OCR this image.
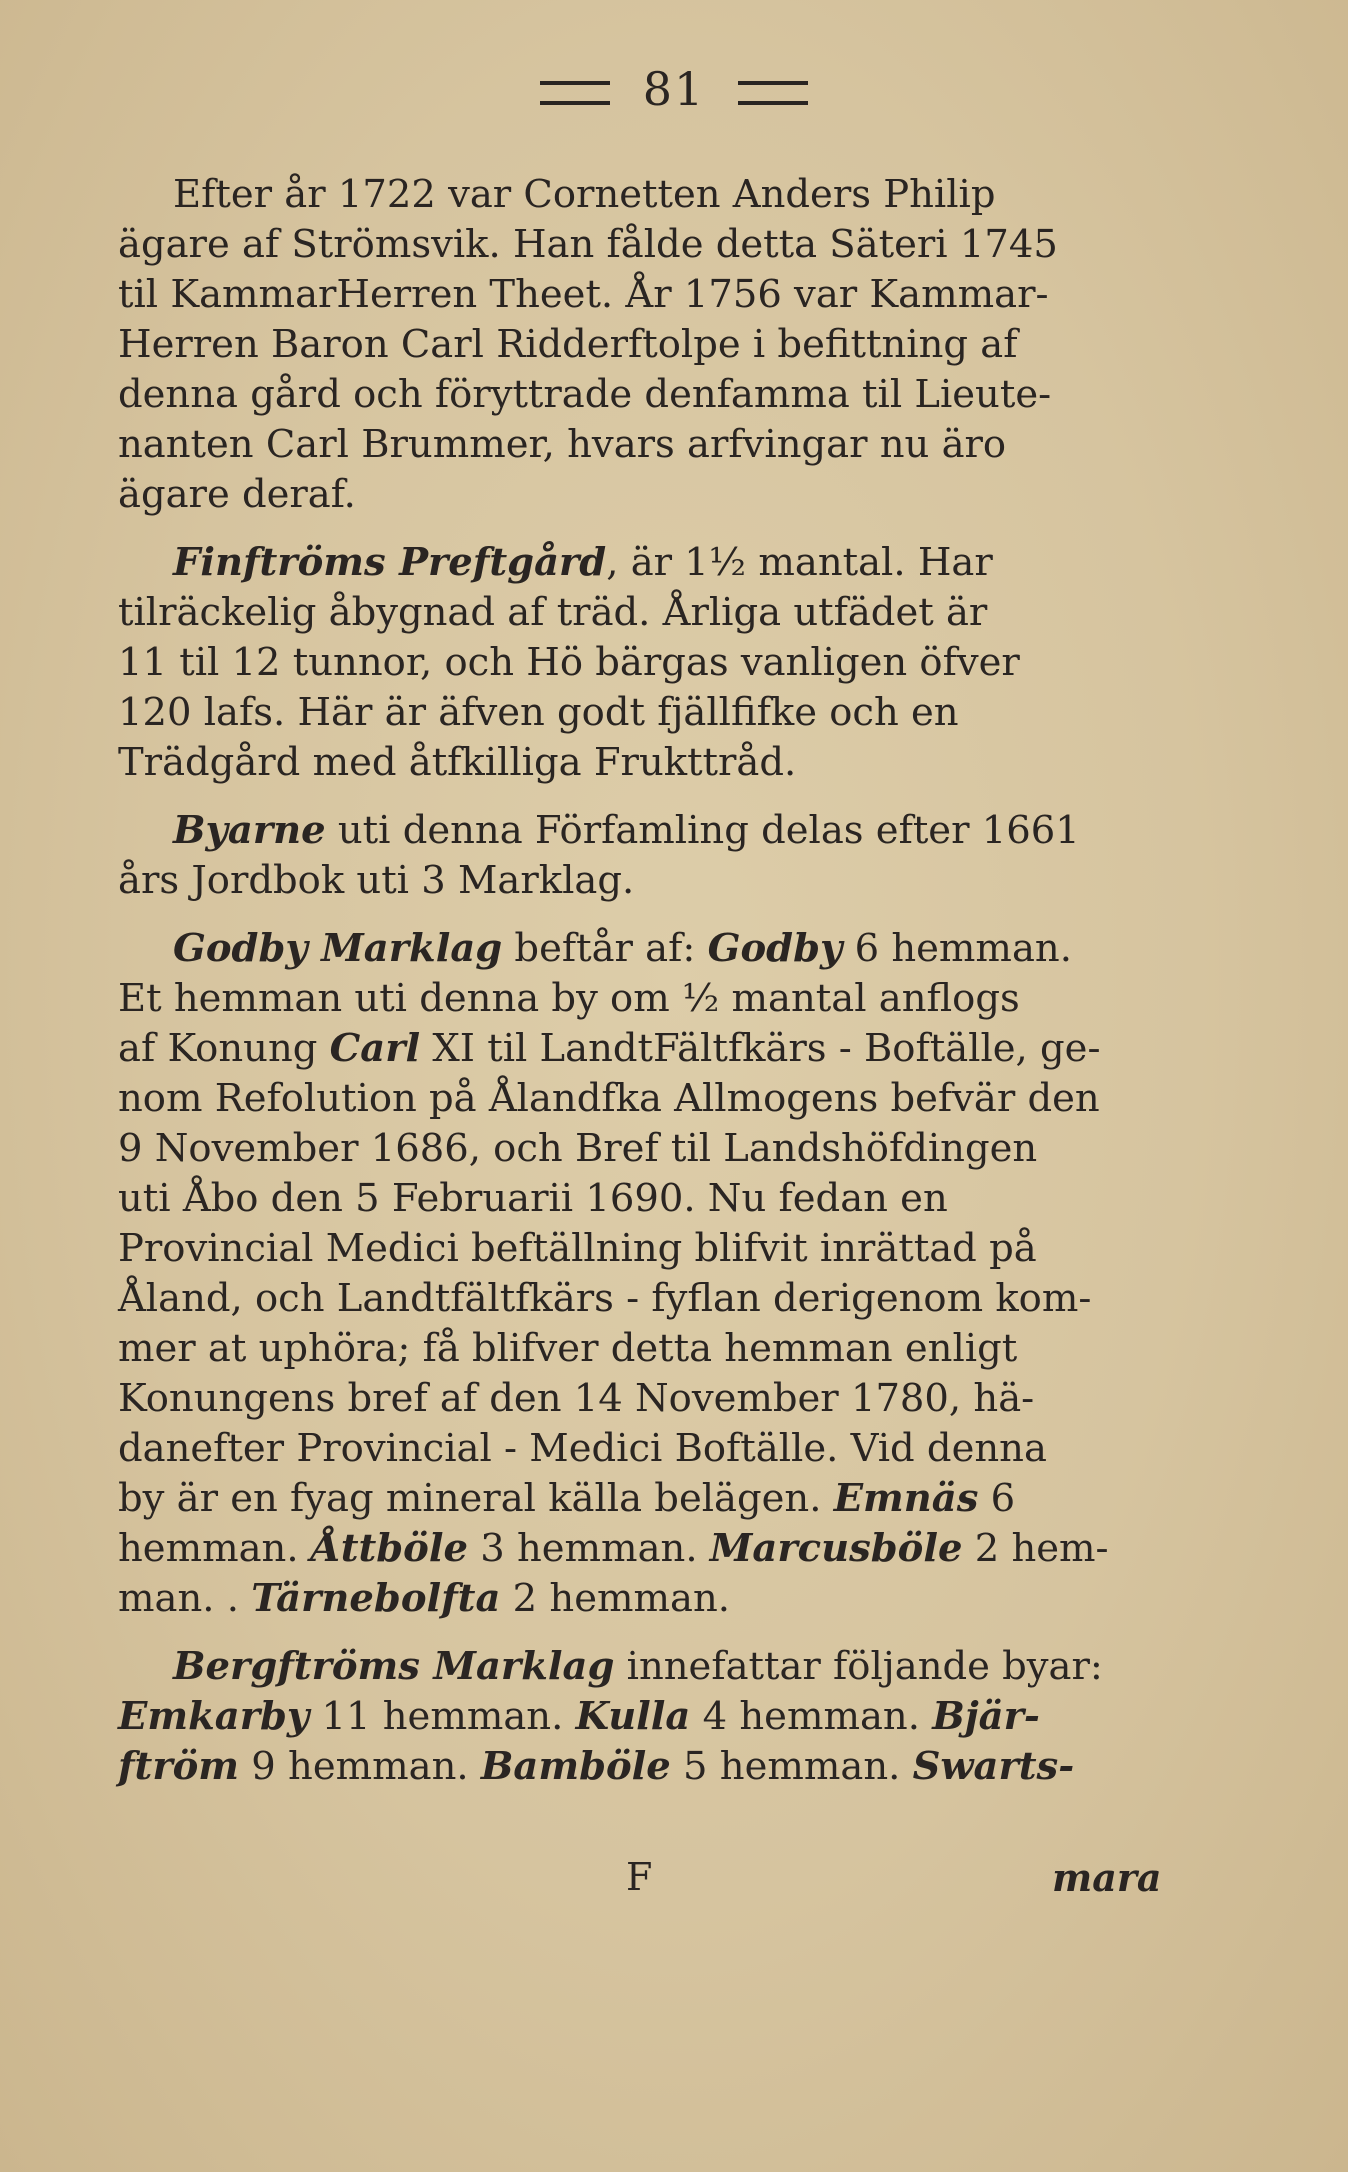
81
Efter år 1722 var Cornetten Anders Philip
ägare af Strömsvik. Han fålde detta Säteri 1745
til KammarHerren Theet. År 1756 var Kammar-
Herren Baron Carl Ridderftolpe i befittning af
denna gård och föryttrade denfamma til Lieute-
nanten Carl Brummer, hvars arfvingar nu äro
ägare deraf.
Finftröms Preftgård, är 1½ mantal. Har
tilräckelig åbygnad af träd. Årliga utfädet är
11 til 12 tunnor, och Hö bärgas vanligen öfver
120 lafs. Här är äfven godt fjällfifke och en
Trädgård med åtfkilliga Frukttråd.
Byarne uti denna Förfamling delas efter 1661
års Jordbok uti 3 Marklag.
Godby Marklag beftår af: Godby 6 hemman.
Et hemman uti denna by om ⅟₂ mantal anflogs
af Konung Carl XI til LandtFältfkärs - Boftälle, ge-
nom Refolution på Ålandfka Allmogens befvär den
9 November 1686, och Bref til Landshöfdingen
uti Åbo den 5 Februarii 1690. Nu fedan en
Provincial Medici beftällning blifvit inrättad på
Åland, och Landtfältfkärs - fyflan derigenom kom-
mer at uphöra; få blifver detta hemman enligt
Konungens bref af den 14 November 1780, hä-
danefter Provincial - Medici Boftälle. Vid denna
by är en fyag mineral källa belägen. Emnäs 6
hemman. Åttböle 3 hemman. Marcusböle 2 hem-
man. . Tärnebolfta 2 hemman.
Bergftröms Marklag innefattar följande byar:
Emkarby 11 hemman. Kulla 4 hemman. Bjär-
ftröm 9 hemman. Bamböle 5 hemman. Swarts-
F	mara
